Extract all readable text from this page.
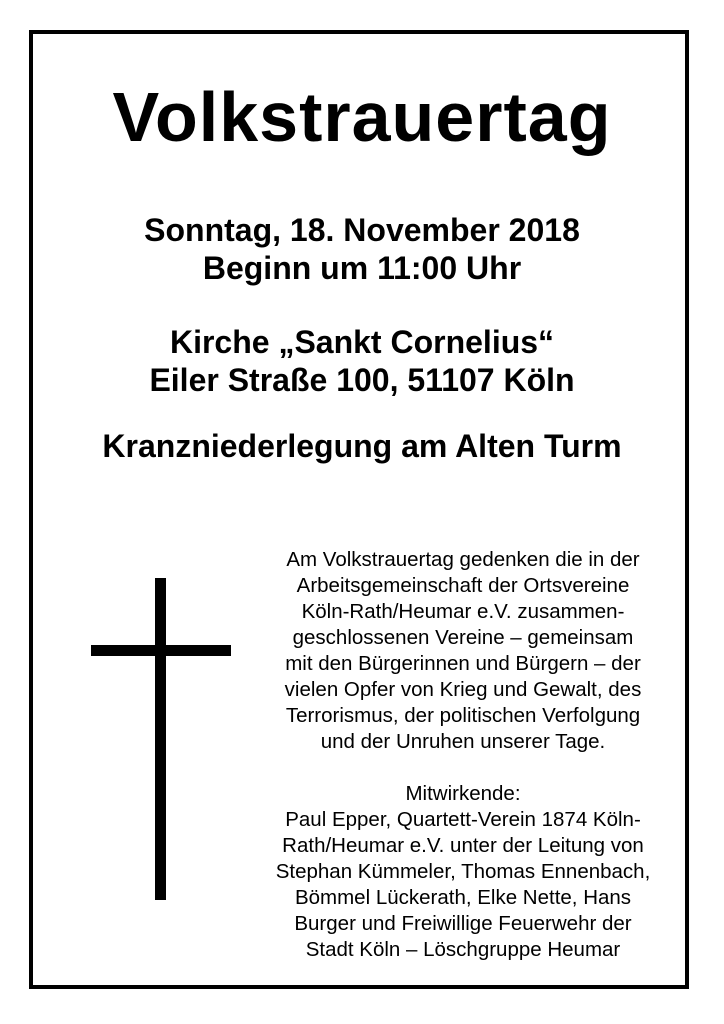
Volkstrauertag
Sonntag, 18. November 2018
Beginn um 11:00 Uhr
Kirche „Sankt Cornelius“
Eiler Straße 100, 51107 Köln
Kranzniederlegung am Alten Turm
Am Volkstrauertag gedenken die in der
Arbeitsgemeinschaft der Ortsvereine
Köln-Rath/Heumar e.V. zusammen-
geschlossenen Vereine – gemeinsam
mit den Bürgerinnen und Bürgern – der
vielen Opfer von Krieg und Gewalt, des
Terrorismus, der politischen Verfolgung
und der Unruhen unserer Tage.
Mitwirkende:
Paul Epper, Quartett-Verein 1874 Köln-
Rath/Heumar e.V. unter der Leitung von
Stephan Kümmeler, Thomas Ennenbach,
Bömmel Lückerath, Elke Nette, Hans
Burger und Freiwillige Feuerwehr der
Stadt Köln – Löschgruppe Heumar
